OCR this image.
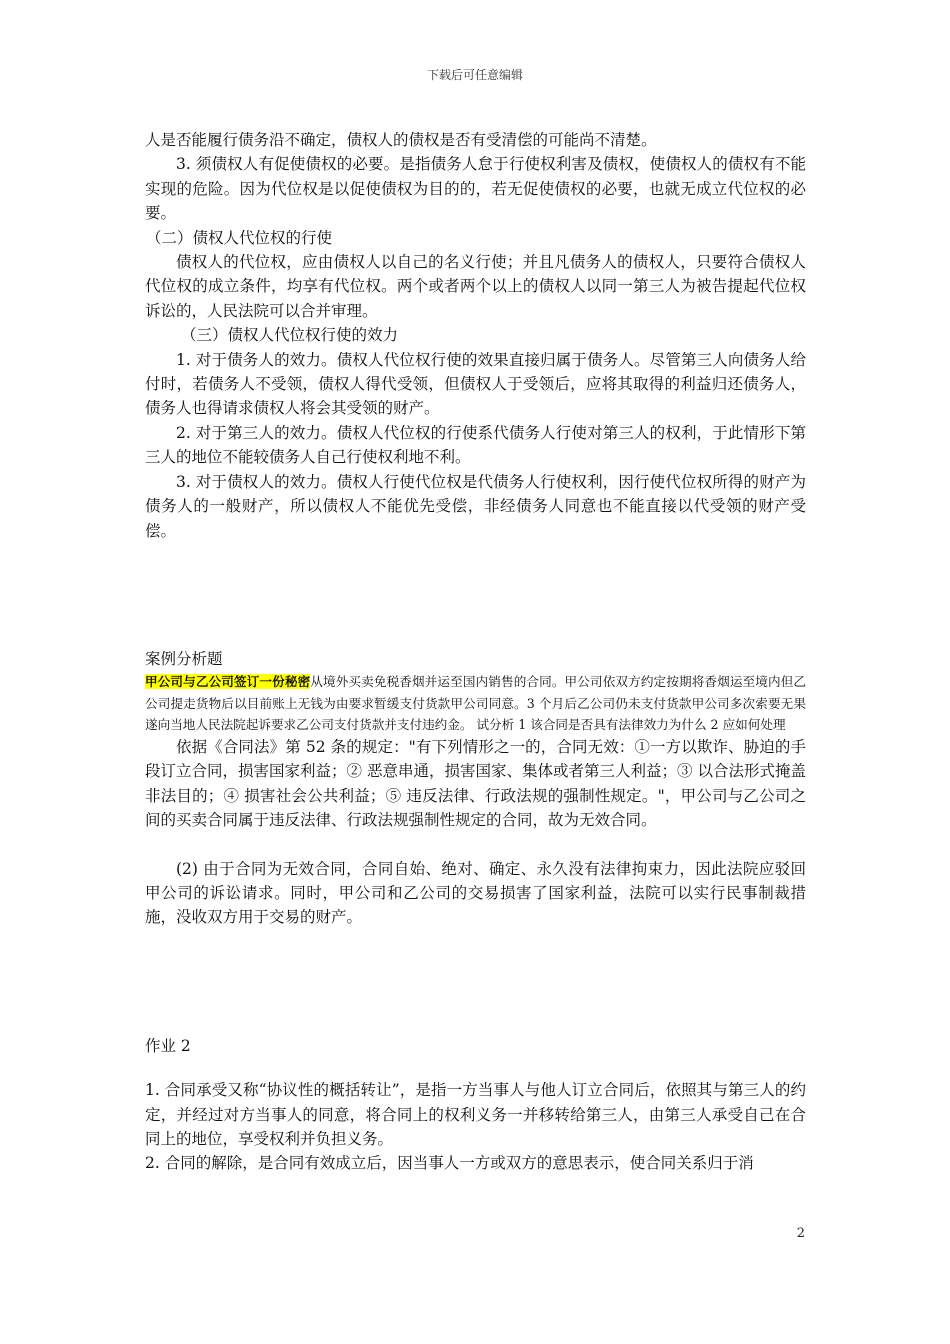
下载后可任意编辑

人是否能履行债务沿不确定，债权人的债权是否有受清偿的可能尚不清楚。

3. 须债权人有促使债权的必要。是指债务人怠于行使权利害及债权，使债权人的债权有不能实现的危险。因为代位权是以促使债权为目的的，若无促使债权的必要，也就无成立代位权的必要。

（二）债权人代位权的行使

债权人的代位权，应由债权人以自己的名义行使；并且凡债务人的债权人，只要符合债权人代位权的成立条件，均享有代位权。两个或者两个以上的债权人以同一第三人为被告提起代位权诉讼的，人民法院可以合并审理。

（三）债权人代位权行使的效力

1. 对于债务人的效力。债权人代位权行使的效果直接归属于债务人。尽管第三人向债务人给付时，若债务人不受领，债权人得代受领，但债权人于受领后，应将其取得的利益归还债务人，债务人也得请求债权人将会其受领的财产。

2. 对于第三人的效力。债权人代位权的行使系代债务人行使对第三人的权利，于此情形下第三人的地位不能较债务人自己行使权利地不利。

3. 对于债权人的效力。债权人行使代位权是代债务人行使权利，因行使代位权所得的财产为债务人的一般财产，所以债权人不能优先受偿，非经债务人同意也不能直接以代受领的财产受偿。

案例分析题

甲公司与乙公司签订一份秘密从境外买卖免税香烟并运至国内销售的合同。甲公司依双方约定按期将香烟运至境内但乙公司提走货物后以目前账上无钱为由要求暂缓支付货款甲公司同意。3 个月后乙公司仍未支付货款甲公司多次索要无果遂向当地人民法院起诉要求乙公司支付货款并支付违约金。 试分析 1 该合同是否具有法律效力为什么 2 应如何处理

依据《合同法》第 52 条的规定："有下列情形之一的，合同无效：①一方以欺诈、胁迫的手段订立合同，损害国家利益；② 恶意串通，损害国家、集体或者第三人利益；③ 以合法形式掩盖非法目的；④ 损害社会公共利益；⑤ 违反法律、行政法规的强制性规定。"，甲公司与乙公司之间的买卖合同属于违反法律、行政法规强制性规定的合同，故为无效合同。

(2) 由于合同为无效合同，合同自始、绝对、确定、永久没有法律拘束力，因此法院应驳回甲公司的诉讼请求。同时，甲公司和乙公司的交易损害了国家利益，法院可以实行民事制裁措施，没收双方用于交易的财产。

作业 2

1. 合同承受又称“协议性的概括转让”，是指一方当事人与他人订立合同后，依照其与第三人的约定，并经过对方当事人的同意，将合同上的权利义务一并移转给第三人，由第三人承受自己在合同上的地位，享受权利并负担义务。

2. 合同的解除，是合同有效成立后，因当事人一方或双方的意思表示，使合同关系归于消

2
